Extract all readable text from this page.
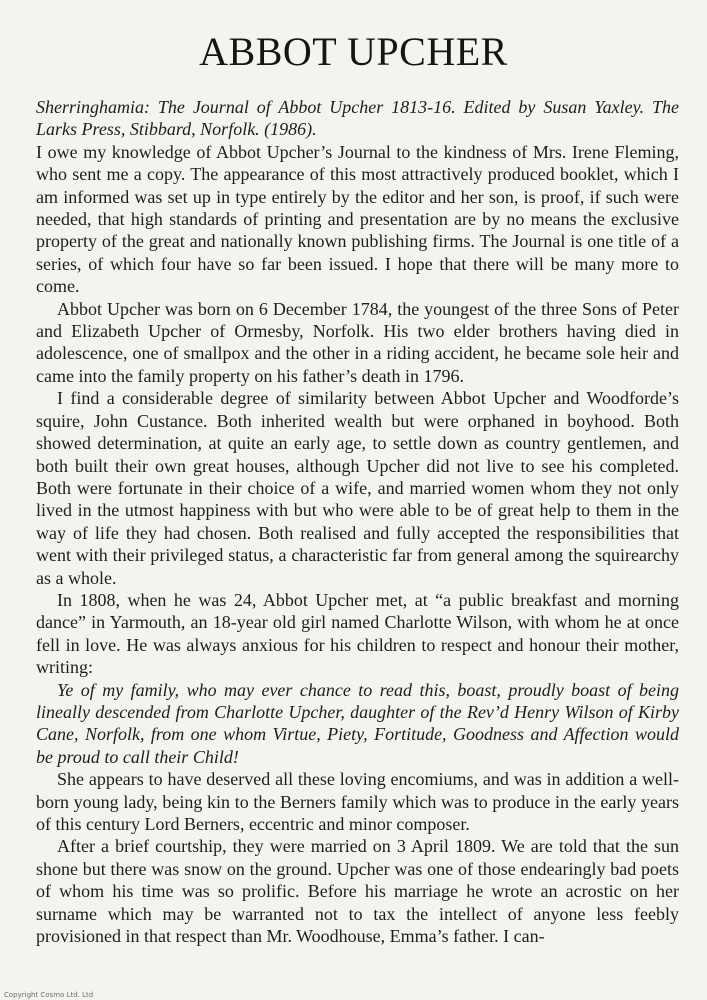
ABBOT UPCHER

Sherringhamia: The Journal of Abbot Upcher 1813-16. Edited by Susan Yaxley. The Larks Press, Stibbard, Norfolk. (1986).

I owe my knowledge of Abbot Upcher’s Journal to the kindness of Mrs. Irene Fleming, who sent me a copy. The appearance of this most attractively produced booklet, which I am informed was set up in type entirely by the editor and her son, is proof, if such were needed, that high standards of printing and presentation are by no means the exclusive property of the great and nationally known publishing firms. The Journal is one title of a series, of which four have so far been issued. I hope that there will be many more to come.

Abbot Upcher was born on 6 December 1784, the youngest of the three Sons of Peter and Elizabeth Upcher of Ormesby, Norfolk. His two elder brothers having died in adolescence, one of smallpox and the other in a riding accident, he became sole heir and came into the family property on his father’s death in 1796.

I find a considerable degree of similarity between Abbot Upcher and Woodforde’s squire, John Custance. Both inherited wealth but were orphaned in boyhood. Both showed determination, at quite an early age, to settle down as country gentlemen, and both built their own great houses, although Upcher did not live to see his completed. Both were fortunate in their choice of a wife, and married women whom they not only lived in the utmost happiness with but who were able to be of great help to them in the way of life they had chosen. Both realised and fully accepted the responsibilities that went with their privileged status, a characteristic far from general among the squirearchy as a whole.

In 1808, when he was 24, Abbot Upcher met, at “a public breakfast and morning dance” in Yarmouth, an 18-year old girl named Charlotte Wilson, with whom he at once fell in love. He was always anxious for his children to respect and honour their mother, writing:

Ye of my family, who may ever chance to read this, boast, proudly boast of being lineally descended from Charlotte Upcher, daughter of the Rev’d Henry Wilson of Kirby Cane, Norfolk, from one whom Virtue, Piety, Fortitude, Goodness and Affection would be proud to call their Child!

She appears to have deserved all these loving encomiums, and was in addition a well-born young lady, being kin to the Berners family which was to produce in the early years of this century Lord Berners, eccentric and minor composer.

After a brief courtship, they were married on 3 April 1809. We are told that the sun shone but there was snow on the ground. Upcher was one of those endearingly bad poets of whom his time was so prolific. Before his marriage he wrote an acrostic on her surname which may be warranted not to tax the intellect of anyone less feebly provisioned in that respect than Mr. Woodhouse, Emma’s father. I can-

Copyright Cosmo Ltd. Ltd
